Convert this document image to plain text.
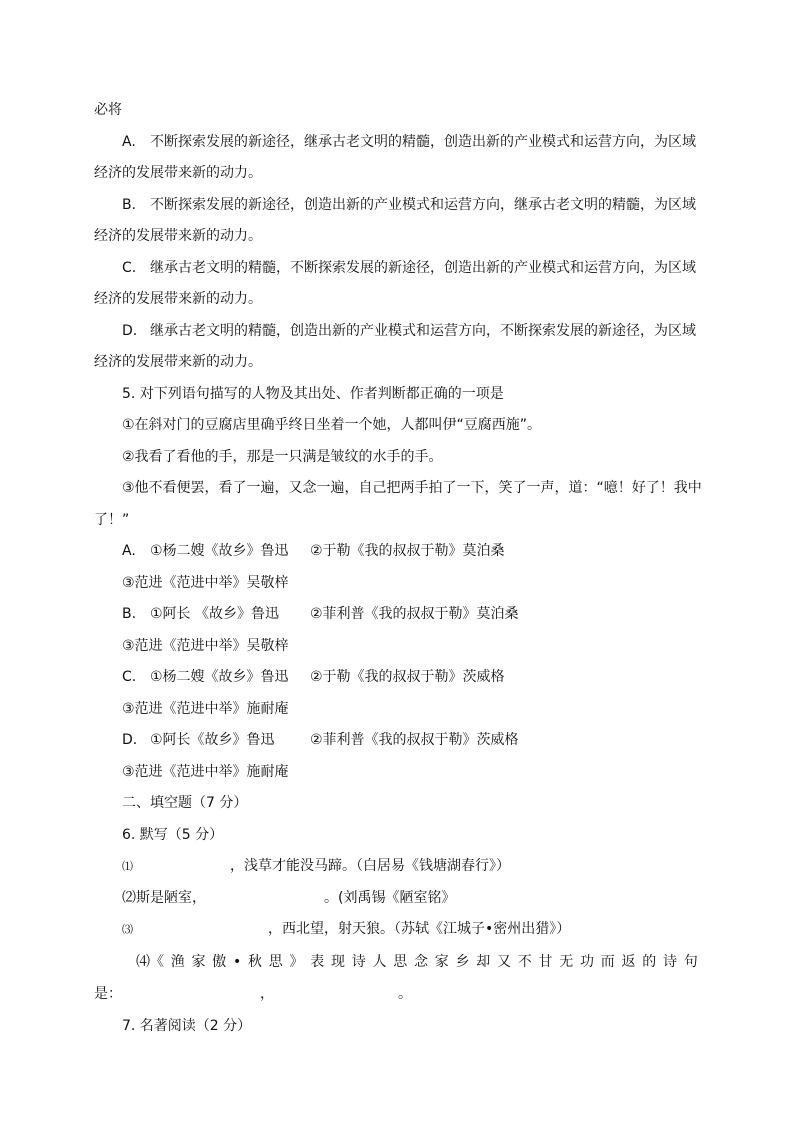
必将
A. 不断探索发展的新途径，继承古老文明的精髓，创造出新的产业模式和运营方向，为区域
经济的发展带来新的动力。
B. 不断探索发展的新途径，创造出新的产业模式和运营方向，继承古老文明的精髓，为区域
经济的发展带来新的动力。
C. 继承古老文明的精髓，不断探索发展的新途径，创造出新的产业模式和运营方向，为区域
经济的发展带来新的动力。
D. 继承古老文明的精髓，创造出新的产业模式和运营方向，不断探索发展的新途径，为区域
经济的发展带来新的动力。
5. 对下列语句描写的人物及其出处、作者判断都正确的一项是
①在斜对门的豆腐店里确乎终日坐着一个她，人都叫伊“豆腐西施”。
②我看了看他的手，那是一只满是皱纹的水手的手。
③他不看便罢，看了一遍，又念一遍，自己把两手拍了一下，笑了一声，道：“噫！好了！我中
了！”
A. ①杨二嫂《故乡》鲁迅 ②于勒《我的叔叔于勒》莫泊桑
③范进《范进中举》吴敬梓
B. ①阿长 《故乡》鲁迅 ②菲利普《我的叔叔于勒》莫泊桑
③范进《范进中举》吴敬梓
C. ①杨二嫂《故乡》鲁迅 ②于勒《我的叔叔于勒》茨威格
③范进《范进中举》施耐庵
D. ①阿长《故乡》鲁迅	②菲利普《我的叔叔于勒》茨威格
③范进《范进中举》施耐庵
二、填空题（7 分）
6. 默写（5 分）
⑴	，浅草才能没马蹄。（白居易《钱塘湖春行》）
⑵斯是陋室，	。(刘禹锡《陋室铭》
⑶	，西北望，射天狼。（苏轼《江城子•密州出猎》）
⑷《 渔 家 傲 • 秋 思 》 表 现 诗 人 思 念 家 乡 却 又 不 甘 无 功 而 返 的 诗 句
是：	，	。
7. 名著阅读（2 分）
